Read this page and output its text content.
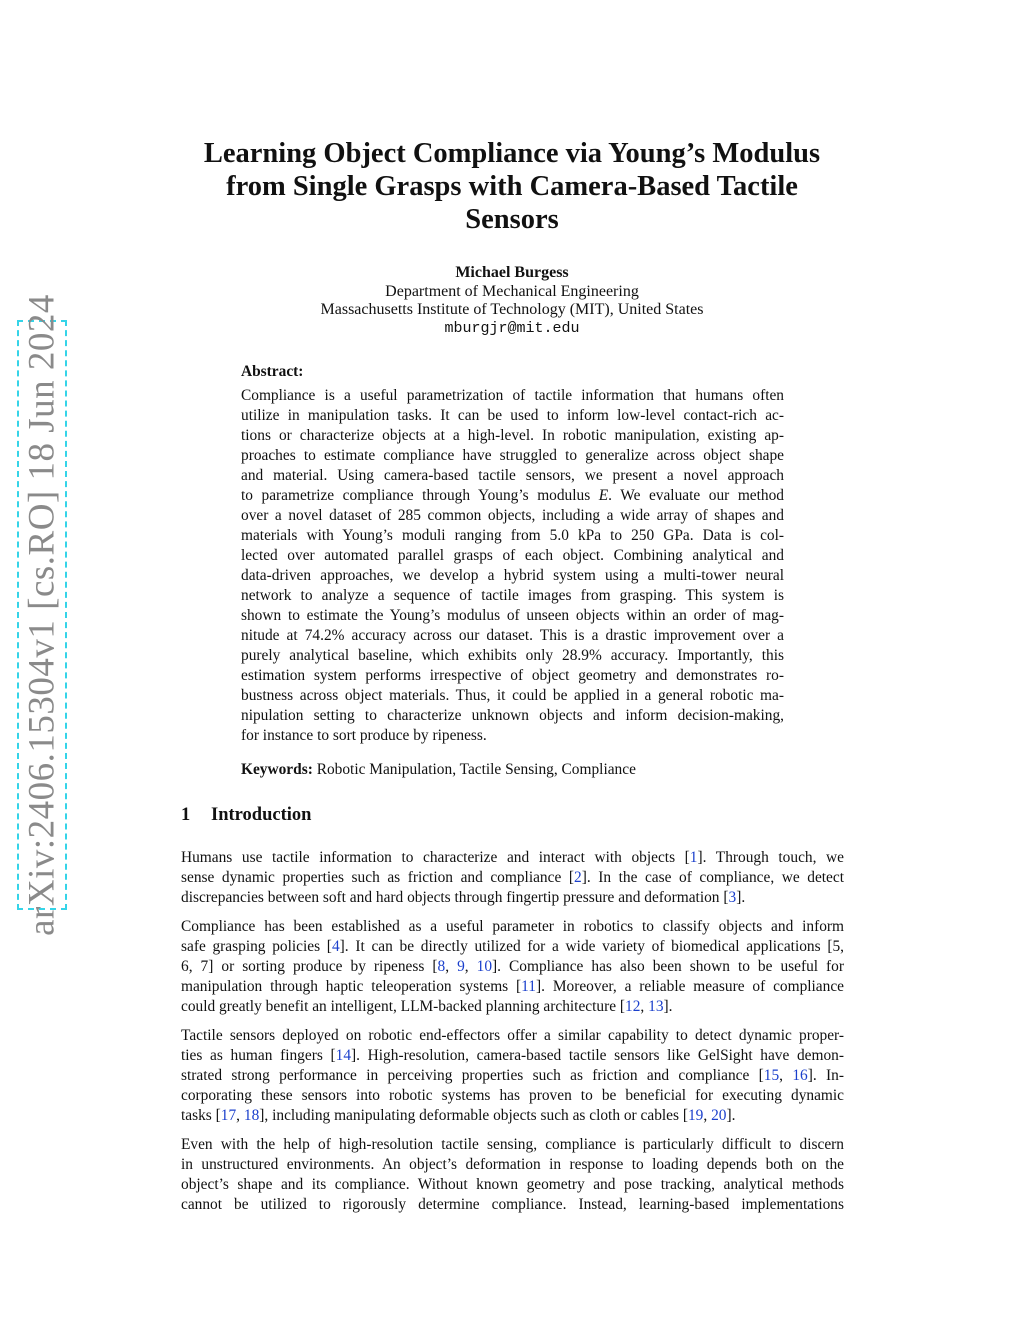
arXiv:2406.15304v1 [cs.RO] 18 Jun 2024
Learning Object Compliance via Young’s Modulus
from Single Grasps with Camera-Based Tactile
Sensors
Michael Burgess
Department of Mechanical Engineering
Massachusetts Institute of Technology (MIT), United States
mburgjr@mit.edu
Abstract:
Compliance is a useful parametrization of tactile information that humans often
utilize in manipulation tasks. It can be used to inform low-level contact-rich ac-
tions or characterize objects at a high-level. In robotic manipulation, existing ap-
proaches to estimate compliance have struggled to generalize across object shape
and material. Using camera-based tactile sensors, we present a novel approach
to parametrize compliance through Young’s modulus E. We evaluate our method
over a novel dataset of 285 common objects, including a wide array of shapes and
materials with Young’s moduli ranging from 5.0 kPa to 250 GPa. Data is col-
lected over automated parallel grasps of each object. Combining analytical and
data-driven approaches, we develop a hybrid system using a multi-tower neural
network to analyze a sequence of tactile images from grasping. This system is
shown to estimate the Young’s modulus of unseen objects within an order of mag-
nitude at 74.2% accuracy across our dataset. This is a drastic improvement over a
purely analytical baseline, which exhibits only 28.9% accuracy. Importantly, this
estimation system performs irrespective of object geometry and demonstrates ro-
bustness across object materials. Thus, it could be applied in a general robotic ma-
nipulation setting to characterize unknown objects and inform decision-making,
for instance to sort produce by ripeness.
Keywords: Robotic Manipulation, Tactile Sensing, Compliance
1 Introduction
Humans use tactile information to characterize and interact with objects [1]. Through touch, we
sense dynamic properties such as friction and compliance [2]. In the case of compliance, we detect
discrepancies between soft and hard objects through fingertip pressure and deformation [3].
Compliance has been established as a useful parameter in robotics to classify objects and inform
safe grasping policies [4]. It can be directly utilized for a wide variety of biomedical applications [5,
6, 7] or sorting produce by ripeness [8, 9, 10]. Compliance has also been shown to be useful for
manipulation through haptic teleoperation systems [11]. Moreover, a reliable measure of compliance
could greatly benefit an intelligent, LLM-backed planning architecture [12, 13].
Tactile sensors deployed on robotic end-effectors offer a similar capability to detect dynamic proper-
ties as human fingers [14]. High-resolution, camera-based tactile sensors like GelSight have demon-
strated strong performance in perceiving properties such as friction and compliance [15, 16]. In-
corporating these sensors into robotic systems has proven to be beneficial for executing dynamic
tasks [17, 18], including manipulating deformable objects such as cloth or cables [19, 20].
Even with the help of high-resolution tactile sensing, compliance is particularly difficult to discern
in unstructured environments. An object’s deformation in response to loading depends both on the
object’s shape and its compliance. Without known geometry and pose tracking, analytical methods
cannot be utilized to rigorously determine compliance. Instead, learning-based implementations
